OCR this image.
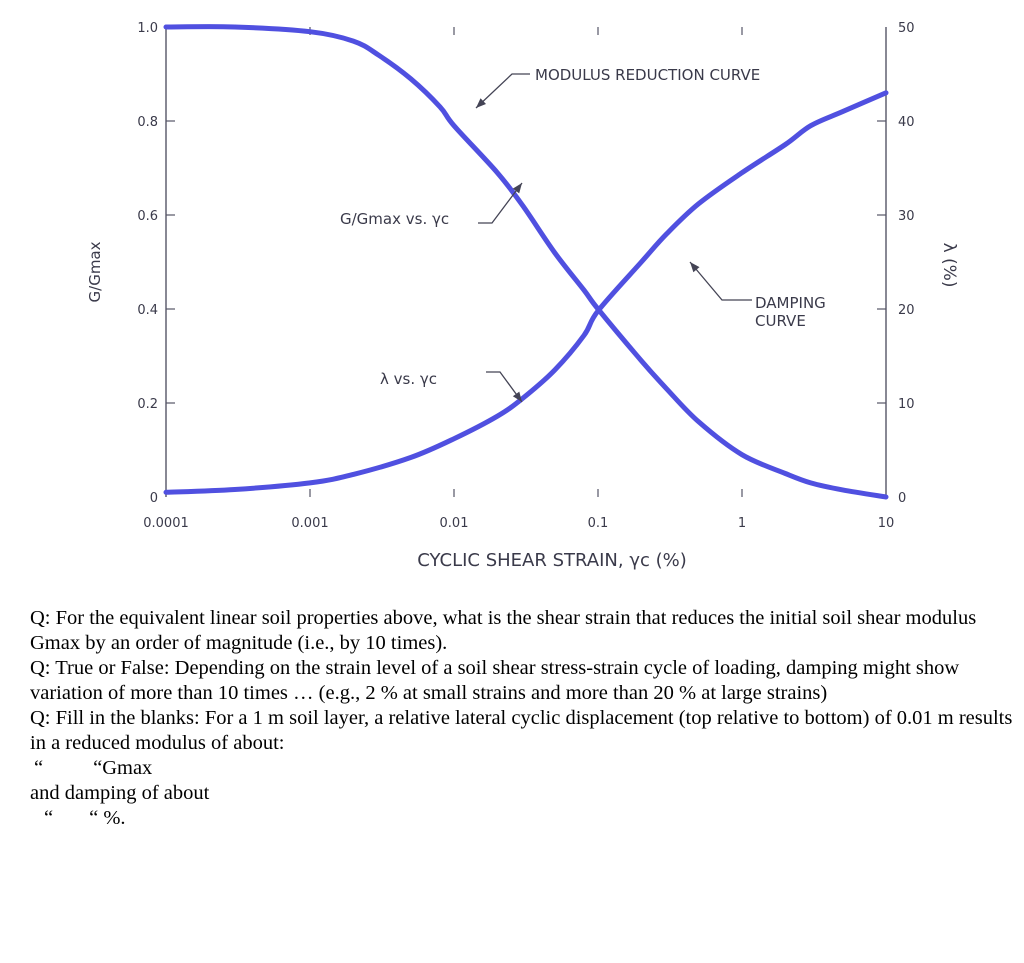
0.0001	0.001	0.01	0.1	1	10
0
0.2
0.4
0.6
0.8
1.0
0
10
20
30
40
50
CYCLIC SHEAR STRAIN, γc (%)
G/Gmax	λ (%)
MODULUS REDUCTION CURVE
G/Gmax vs. γc
DAMPING
CURVE
λ vs. γc

Q: For the equivalent linear soil properties above, what is the shear strain that reduces the initial soil shear modulus Gmax by an order of magnitude (i.e., by 10 times).

Q: True or False: Depending on the strain level of a soil shear stress-strain cycle of loading, damping might show variation of more than 10 times … (e.g., 2 % at small strains and more than 20 % at large strains)

Q: Fill in the blanks: For a 1 m soil layer, a relative lateral cyclic displacement (top relative to bottom) of 0.01 m results in a reduced modulus of about:

“ “Gmax

and damping of about

“ “ %.
